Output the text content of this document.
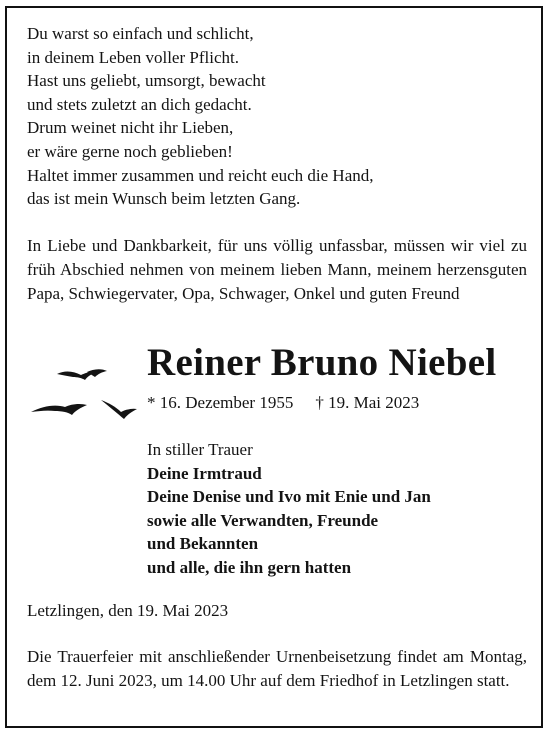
Du warst so einfach und schlicht,
in deinem Leben voller Pflicht.
Hast uns geliebt, umsorgt, bewacht
und stets zuletzt an dich gedacht.
Drum weinet nicht ihr Lieben,
er wäre gerne noch geblieben!
Haltet immer zusammen und reicht euch die Hand,
das ist mein Wunsch beim letzten Gang.
In Liebe und Dankbarkeit, für uns völlig unfassbar, müssen wir viel zu früh Abschied nehmen von meinem lieben Mann, meinem herzensguten Papa, Schwiegervater, Opa, Schwager, Onkel und guten Freund
Reiner Bruno Niebel
* 16. Dezember 1955 † 19. Mai 2023
In stiller Trauer
Deine Irmtraud
Deine Denise und Ivo mit Enie und Jan
sowie alle Verwandten, Freunde
und Bekannten
und alle, die ihn gern hatten
Letzlingen, den 19. Mai 2023
Die Trauerfeier mit anschließender Urnenbeisetzung findet am Montag, dem 12. Juni 2023, um 14.00 Uhr auf dem Friedhof in Letzlingen statt.
